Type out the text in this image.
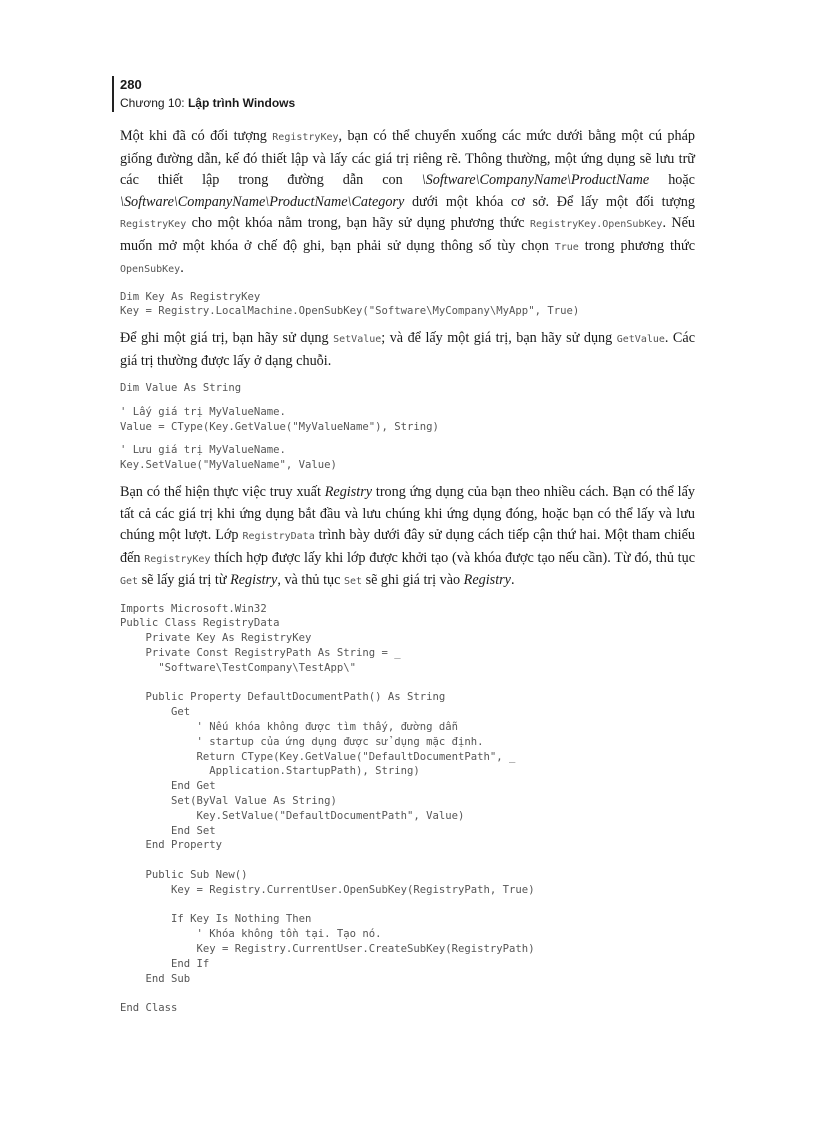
280
Chương 10: Lập trình Windows

Một khi đã có đối tượng RegistryKey, bạn có thể chuyển xuống các mức dưới bằng một cú pháp giống đường dẫn, kế đó thiết lập và lấy các giá trị riêng rẽ. Thông thường, một ứng dụng sẽ lưu trữ các thiết lập trong đường dẫn con \Software\CompanyName\ProductName hoặc \Software\CompanyName\ProductName\Category dưới một khóa cơ sở. Để lấy một đối tượng RegistryKey cho một khóa nằm trong, bạn hãy sử dụng phương thức RegistryKey.OpenSubKey. Nếu muốn mở một khóa ở chế độ ghi, bạn phải sử dụng thông số tùy chọn True trong phương thức OpenSubKey.

Dim Key As RegistryKey
Key = Registry.LocalMachine.OpenSubKey("Software\MyCompany\MyApp", True)

Để ghi một giá trị, bạn hãy sử dụng SetValue; và để lấy một giá trị, bạn hãy sử dụng GetValue. Các giá trị thường được lấy ở dạng chuỗi.

Dim Value As String
' Lấy giá trị MyValueName.
Value = CType(Key.GetValue("MyValueName"), String)
' Lưu giá trị MyValueName.
Key.SetValue("MyValueName", Value)

Bạn có thể hiện thực việc truy xuất Registry trong ứng dụng của bạn theo nhiều cách. Bạn có thể lấy tất cả các giá trị khi ứng dụng bắt đầu và lưu chúng khi ứng dụng đóng, hoặc bạn có thể lấy và lưu chúng một lượt. Lớp RegistryData trình bày dưới đây sử dụng cách tiếp cận thứ hai. Một tham chiếu đến RegistryKey thích hợp được lấy khi lớp được khởi tạo (và khóa được tạo nếu cần). Từ đó, thủ tục Get sẽ lấy giá trị từ Registry, và thủ tục Set sẽ ghi giá trị vào Registry.

Imports Microsoft.Win32
Public Class RegistryData
Private Key As RegistryKey
Private Const RegistryPath As String = _
"Software\TestCompany\TestApp\"

Public Property DefaultDocumentPath() As String
Get
' Nếu khóa không được tìm thấy, đường dẫn
' startup của ứng dụng được sử dụng mặc định.
Return CType(Key.GetValue("DefaultDocumentPath", _
Application.StartupPath), String)
End Get
Set(ByVal Value As String)
Key.SetValue("DefaultDocumentPath", Value)
End Set
End Property

Public Sub New()
Key = Registry.CurrentUser.OpenSubKey(RegistryPath, True)

If Key Is Nothing Then
' Khóa không tồn tại. Tạo nó.
Key = Registry.CurrentUser.CreateSubKey(RegistryPath)
End If
End Sub

End Class
